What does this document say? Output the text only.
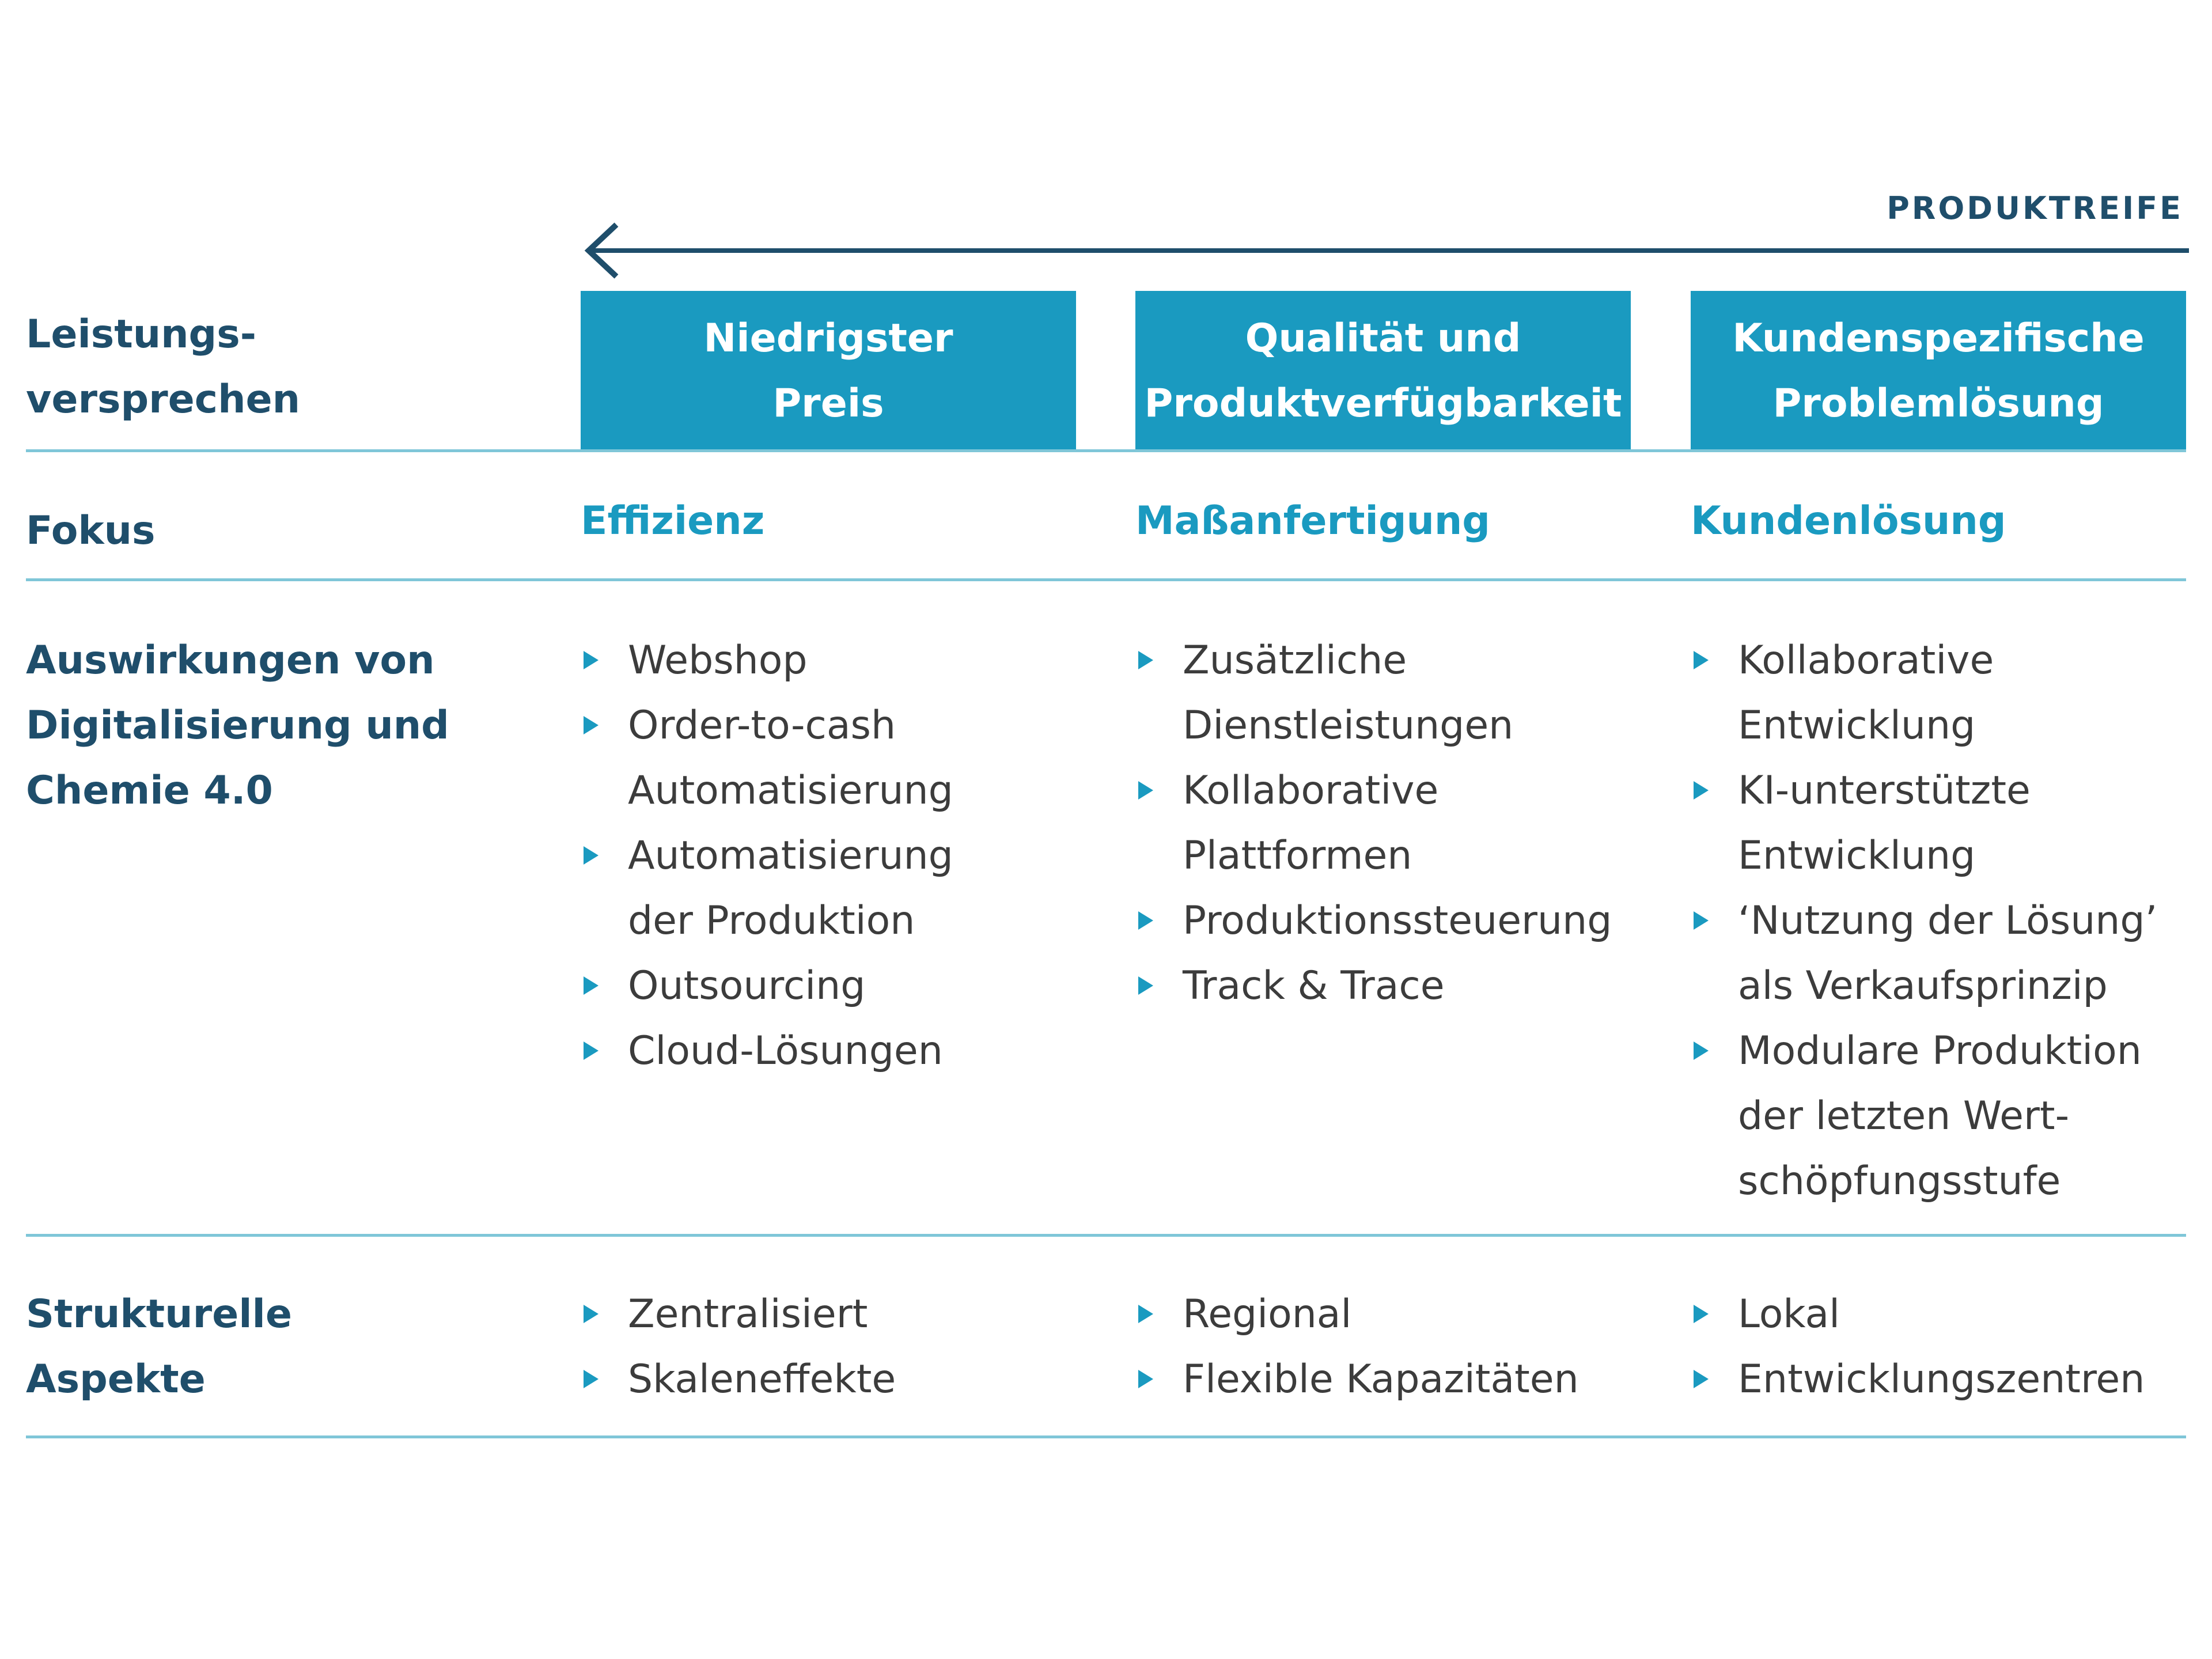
PRODUKTREIFE
Leistungs-
versprechen
Fokus
Auswirkungen von
Digitalisierung und
Chemie 4.0
Strukturelle
Aspekte
Niedrigster
Preis
Qualität und
Produktverfügbarkeit
Kundenspezifische
Problemlösung
Effizienz	Maßanfertigung	Kundenlösung
Webshop
Order-to-cash
Automatisierung
Automatisierung
der Produktion
Outsourcing
Cloud-Lösungen
Zusätzliche
Dienstleistungen
Kollaborative
Plattformen
Produktionssteuerung
Track & Trace
Kollaborative
Entwicklung
KI-unterstützte
Entwicklung
‘Nutzung der Lösung’
als Verkaufsprinzip
Modulare Produktion
der letzten Wert-
schöpfungsstufe
Zentralisiert
Skaleneffekte
Regional
Flexible Kapazitäten
Lokal
Entwicklungszentren
